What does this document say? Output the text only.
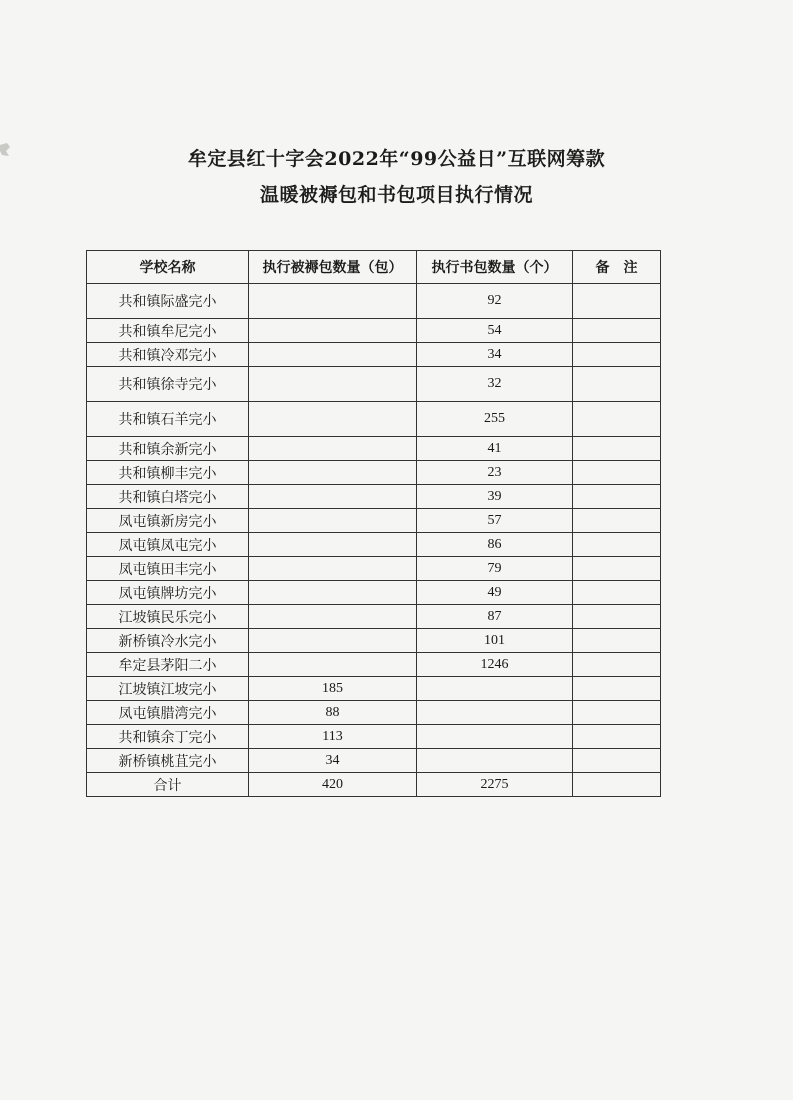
牟定县红十字会2022年“99公益日”互联网筹款
温暖被褥包和书包项目执行情况
学校名称	执行被褥包数量（包）	执行书包数量（个）	备　注
共和镇际盛完小		92	
共和镇牟尼完小		54	
共和镇冷邓完小		34	
共和镇徐寺完小		32	
共和镇石羊完小		255	
共和镇余新完小		41	
共和镇柳丰完小		23	
共和镇白塔完小		39	
凤屯镇新房完小		57	
凤屯镇凤屯完小		86	
凤屯镇田丰完小		79	
凤屯镇牌坊完小		49	
江坡镇民乐完小		87	
新桥镇冷水完小		101	
牟定县茅阳二小		1246	
江坡镇江坡完小	185		
凤屯镇腊湾完小	88		
共和镇余丁完小	113		
新桥镇桃苴完小	34		
合计	420	2275	
